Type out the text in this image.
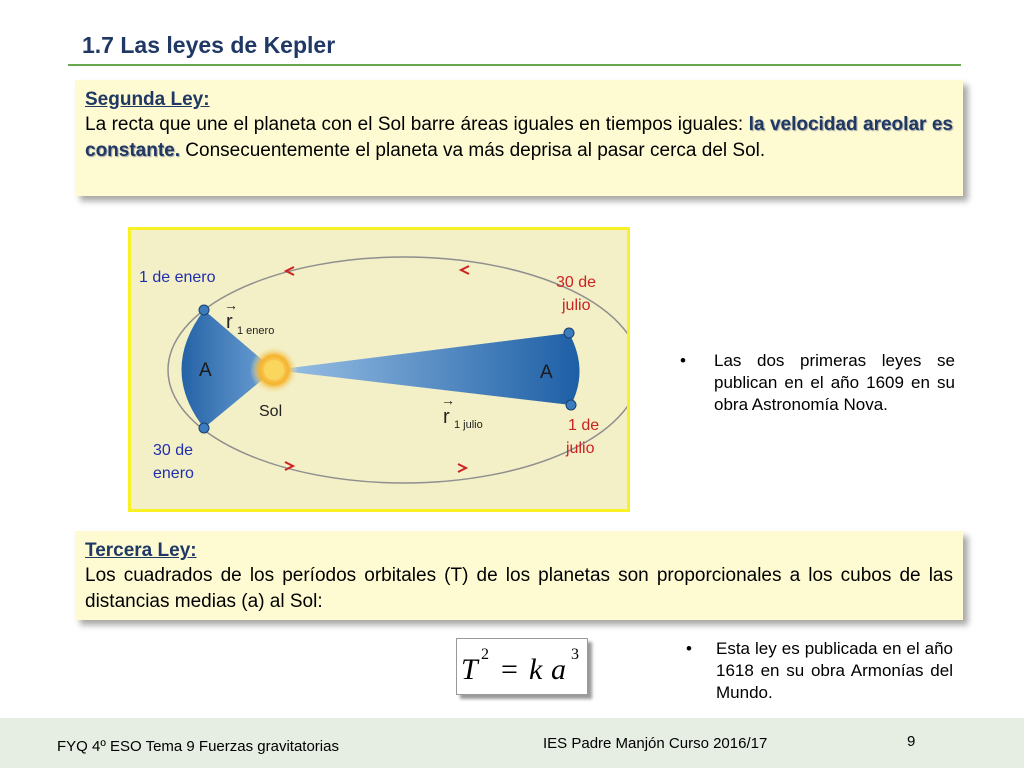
1.7 Las leyes de Kepler
Segunda Ley:
La recta que une el planeta con el Sol barre áreas iguales en tiempos iguales: la velocidad areolar es constante. Consecuentemente el planeta va más deprisa al pasar cerca del Sol.
1 de enero	30 de
julio
1 de
julio
30 de
enero
Sol
A	A
→
r 1 enero
→
r 1 julio
• Las dos primeras leyes se publican en el año 1609 en su obra Astronomía Nova.
Tercera Ley:
Los cuadrados de los períodos orbitales (T) de los planetas son proporcionales a los cubos de las distancias medias (a) al Sol:
T 2 = k a 3	• Esta ley es publicada en el año 1618 en su obra Armonías del Mundo.
FYQ 4º ESO Tema 9 Fuerzas gravitatorias	IES Padre Manjón Curso 2016/17	9
